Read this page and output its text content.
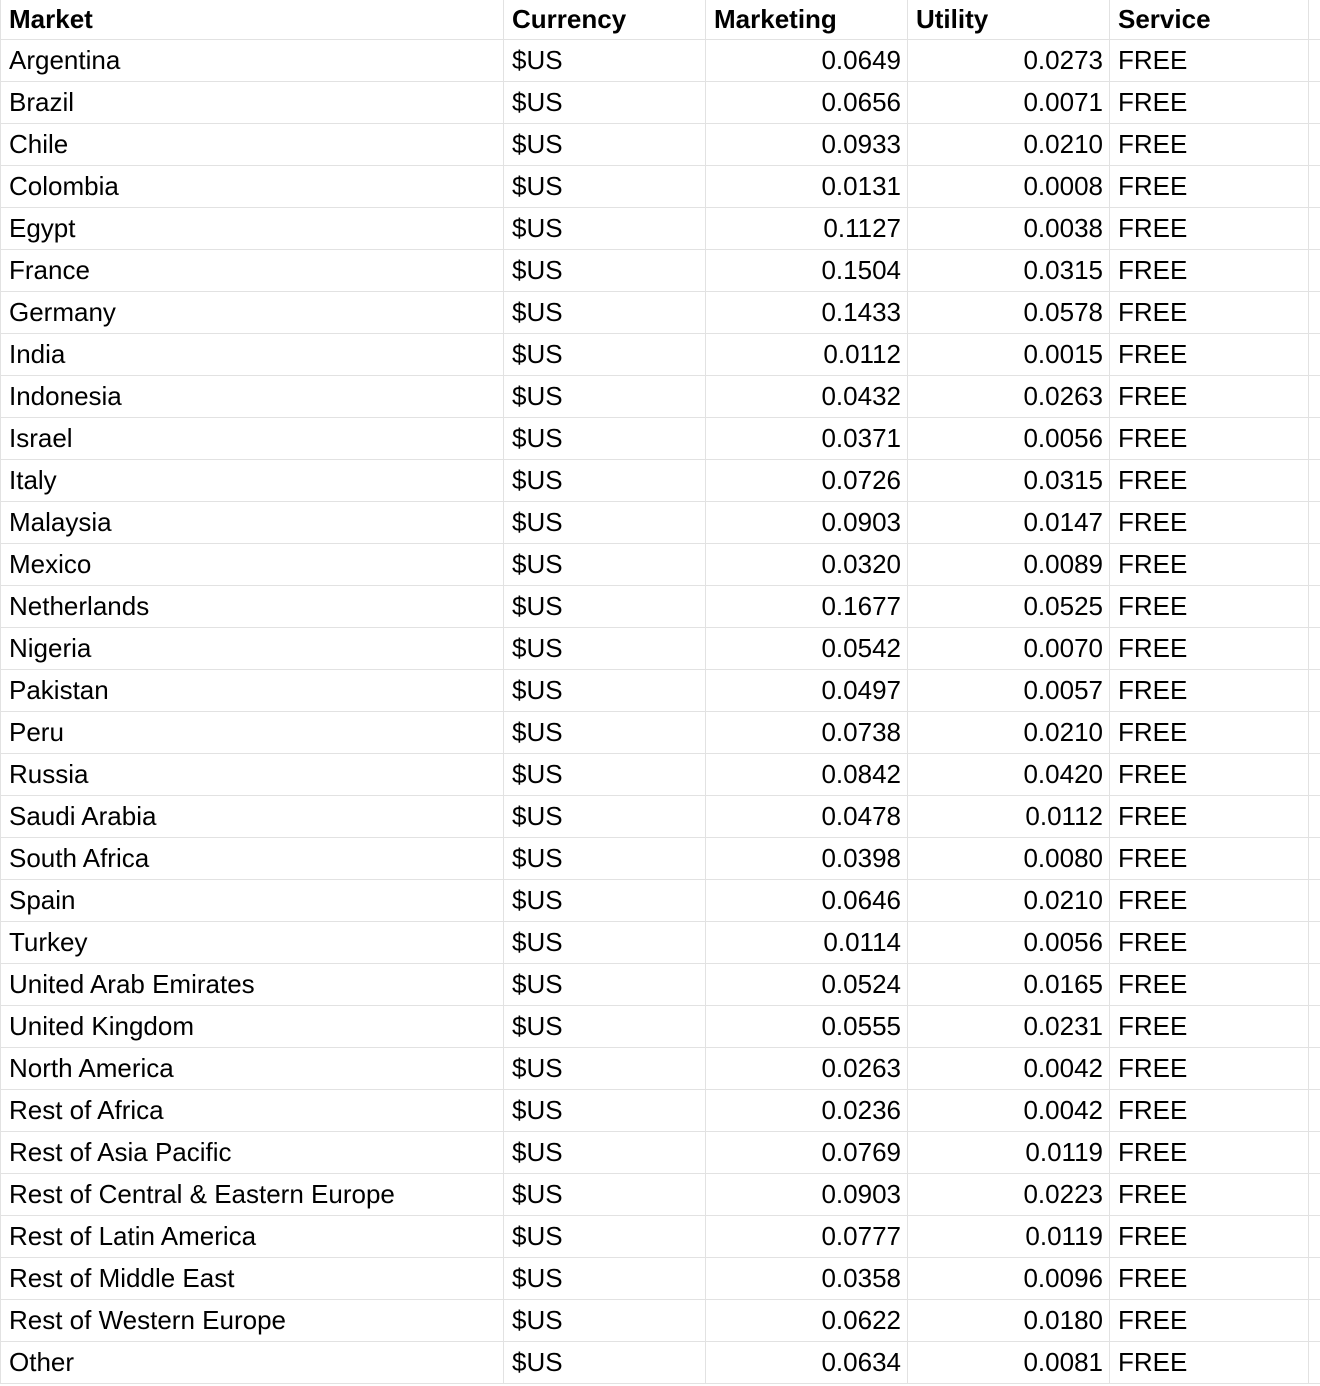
Market	Currency	Marketing	Utility	Service	
Argentina	$US	0.0649	0.0273	FREE	
Brazil	$US	0.0656	0.0071	FREE	
Chile	$US	0.0933	0.0210	FREE	
Colombia	$US	0.0131	0.0008	FREE	
Egypt	$US	0.1127	0.0038	FREE	
France	$US	0.1504	0.0315	FREE	
Germany	$US	0.1433	0.0578	FREE	
India	$US	0.0112	0.0015	FREE	
Indonesia	$US	0.0432	0.0263	FREE	
Israel	$US	0.0371	0.0056	FREE	
Italy	$US	0.0726	0.0315	FREE	
Malaysia	$US	0.0903	0.0147	FREE	
Mexico	$US	0.0320	0.0089	FREE	
Netherlands	$US	0.1677	0.0525	FREE	
Nigeria	$US	0.0542	0.0070	FREE	
Pakistan	$US	0.0497	0.0057	FREE	
Peru	$US	0.0738	0.0210	FREE	
Russia	$US	0.0842	0.0420	FREE	
Saudi Arabia	$US	0.0478	0.0112	FREE	
South Africa	$US	0.0398	0.0080	FREE	
Spain	$US	0.0646	0.0210	FREE	
Turkey	$US	0.0114	0.0056	FREE	
United Arab Emirates	$US	0.0524	0.0165	FREE	
United Kingdom	$US	0.0555	0.0231	FREE	
North America	$US	0.0263	0.0042	FREE	
Rest of Africa	$US	0.0236	0.0042	FREE	
Rest of Asia Pacific	$US	0.0769	0.0119	FREE	
Rest of Central & Eastern Europe	$US	0.0903	0.0223	FREE	
Rest of Latin America	$US	0.0777	0.0119	FREE	
Rest of Middle East	$US	0.0358	0.0096	FREE	
Rest of Western Europe	$US	0.0622	0.0180	FREE	
Other	$US	0.0634	0.0081	FREE	
